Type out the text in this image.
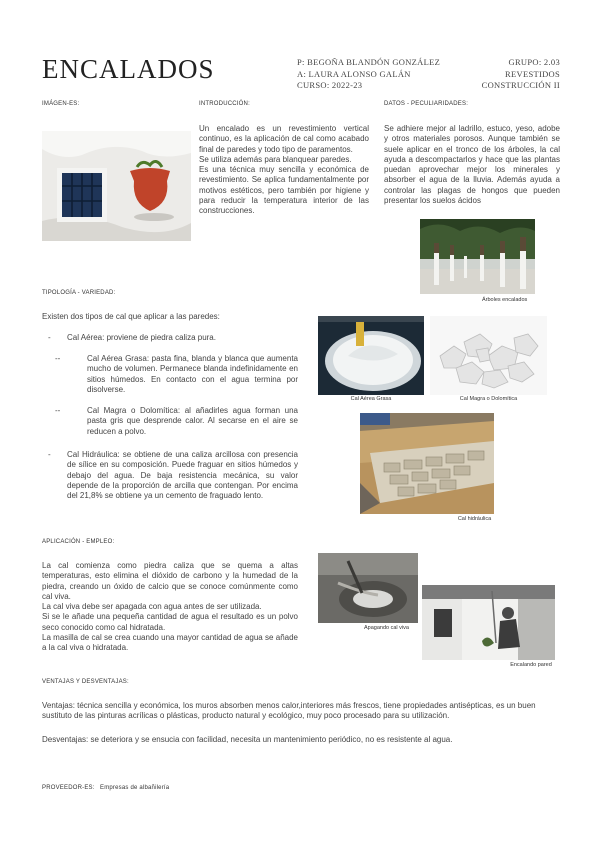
ENCALADOS	P: BEGOÑA BLANDÓN GONZÁLEZ
A: LAURA ALONSO GALÁN
CURSO: 2022-23
GRUPO: 2.03
REVESTIDOS
CONSTRUCCIÓN II
IMÁGEN-ES:	INTRODUCCIÓN:	DATOS - PECULIARIDADES:
Un encalado es un revestimiento vertical continuo, es la aplicación de cal como acabado final de paredes y todo tipo de paramentos.
Se utiliza además para blanquear paredes.
Es una técnica muy sencilla y económica de revestimiento. Se aplica fundamentalmente por motivos estéticos, pero también por higiene y para reducir la temperatura interior de las construcciones.
Se adhiere mejor al ladrillo, estuco, yeso, adobe y otros materiales porosos. Aunque también se suele aplicar en el tronco de los árboles, la cal ayuda a descompactarlos y hace que las plantas puedan aprovechar mejor los minerales y absorber el agua de la lluvia. Además ayuda a controlar las plagas de hongos que pueden presentar los suelos ácidos
Árboles encalados
TIPOLOGÍA - VARIEDAD:
Existen dos tipos de cal que aplicar a las paredes:
- Cal Aérea: proviene de piedra caliza pura.
--	Cal Aérea Grasa: pasta fina, blanda y blanca que aumenta mucho de volumen. Permanece blanda indefinidamente en sitios húmedos. En contacto con el agua termina por disolverse.
--	Cal Magra o Dolomítica: al añadirles agua forman una pasta gris que desprende calor. Al secarse en el aire se reducen a polvo.
- Cal Hidráulica: se obtiene de una caliza arcillosa con presencia de sílice en su composición. Puede fraguar en sitios húmedos y debajo del agua. De baja resistencia mecánica, su valor depende de la proporción de arcilla que contengan. Por encima del 21,8% se obtiene ya un cemento de fraguado lento.
Cal Aérea Grasa	Cal Magra o Dolomítica
Cal hidráulica
APLICACIÓN - EMPLEO:
La cal comienza como piedra caliza que se quema a altas temperaturas, esto elimina el dióxido de carbono y la humedad de la piedra, creando un óxido de calcio que se conoce comúnmente como cal viva.
La cal viva debe ser apagada con agua antes de ser utilizada.
Si se le añade una pequeña cantidad de agua el resultado es un polvo seco conocido como cal hidratada.
La masilla de cal se crea cuando una mayor cantidad de agua se añade a la cal viva o hidratada.
Apagando cal viva
Encalando pared
VENTAJAS Y DESVENTAJAS:
Ventajas: técnica sencilla y económica, los muros absorben menos calor,interiores más frescos, tiene propiedades antisépticas, es un buen sustituto de las pinturas acrílicas o plásticas, producto natural y ecológico, muy poco procesado para su utilización.
Desventajas: se deteriora y se ensucia con facilidad, necesita un mantenimiento periódico, no es resistente al agua.
PROVEEDOR-ES: Empresas de albañilería
